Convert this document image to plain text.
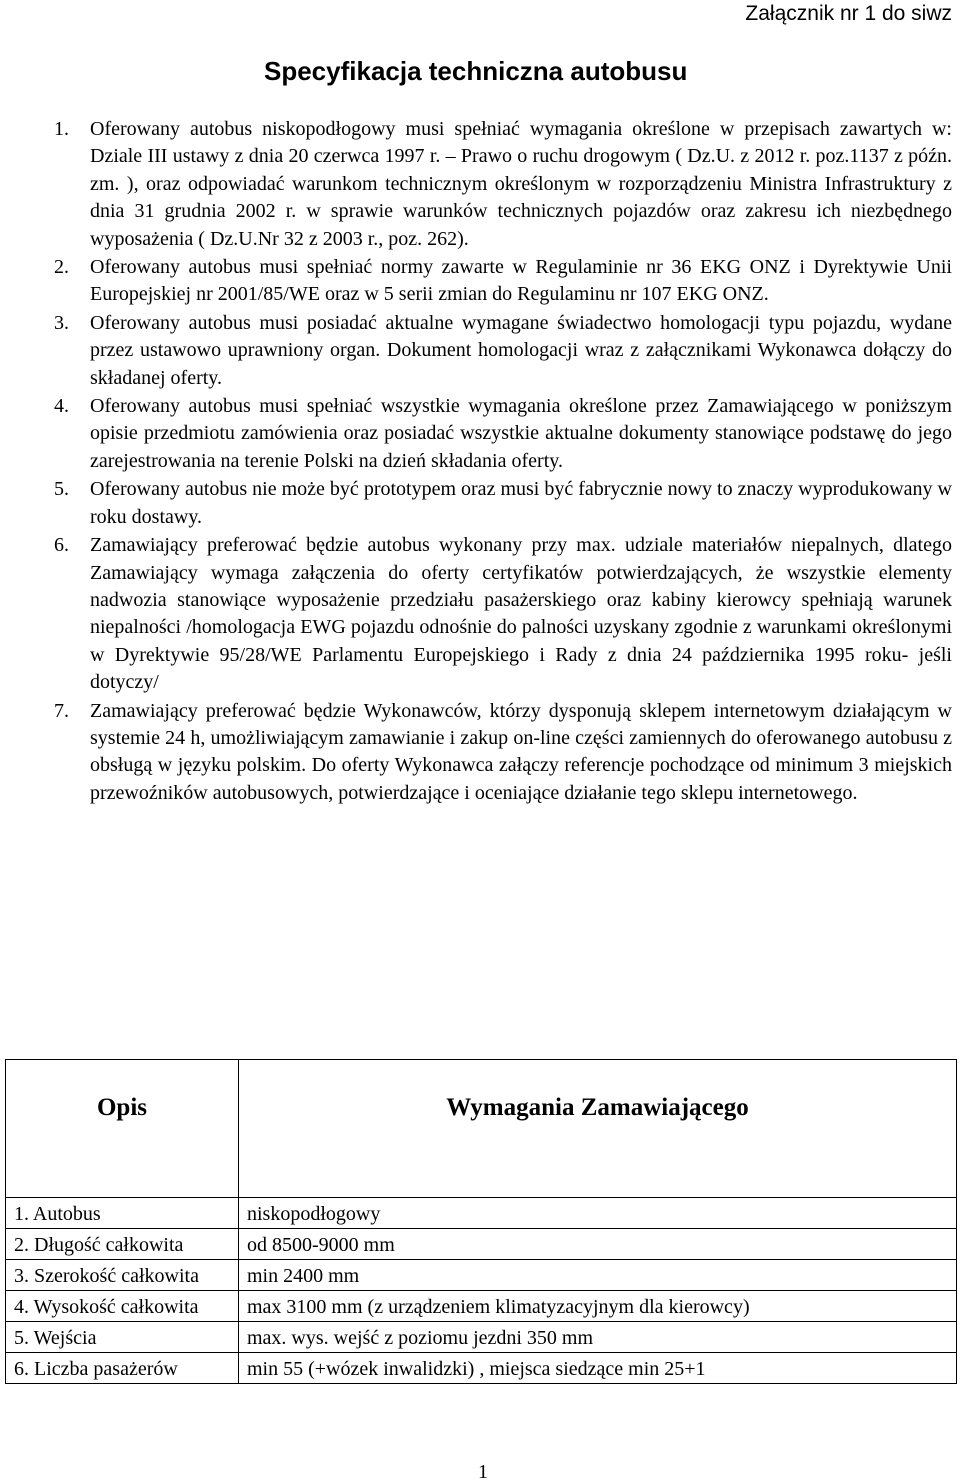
Załącznik nr 1 do siwz
Specyfikacja techniczna autobusu
1. Oferowany autobus niskopodłogowy musi spełniać wymagania określone w przepisach zawartych w: Dziale III ustawy z dnia 20 czerwca 1997 r. – Prawo o ruchu drogowym ( Dz.U. z 2012 r. poz.1137 z późn. zm. ), oraz odpowiadać warunkom technicznym określonym w rozporządzeniu Ministra Infrastruktury z dnia 31 grudnia 2002 r. w sprawie warunków technicznych pojazdów oraz zakresu ich niezbędnego wyposażenia ( Dz.U.Nr 32 z 2003 r., poz. 262).
2. Oferowany autobus musi spełniać normy zawarte w Regulaminie nr 36 EKG ONZ i Dyrektywie Unii Europejskiej nr 2001/85/WE oraz w 5 serii zmian do Regulaminu nr 107 EKG ONZ.
3. Oferowany autobus musi posiadać aktualne wymagane świadectwo homologacji typu pojazdu, wydane przez ustawowo uprawniony organ. Dokument homologacji wraz z załącznikami Wykonawca dołączy do składanej oferty.
4. Oferowany autobus musi spełniać wszystkie wymagania określone przez Zamawiającego w poniższym opisie przedmiotu zamówienia oraz posiadać wszystkie aktualne dokumenty stanowiące podstawę do jego zarejestrowania na terenie Polski na dzień składania oferty.
5. Oferowany autobus nie może być prototypem oraz musi być fabrycznie nowy to znaczy wyprodukowany w roku dostawy.
6. Zamawiający preferować będzie autobus wykonany przy max. udziale materiałów niepalnych, dlatego Zamawiający wymaga załączenia do oferty certyfikatów potwierdzających, że wszystkie elementy nadwozia stanowiące wyposażenie przedziału pasażerskiego oraz kabiny kierowcy spełniają warunek niepalności /homologacja EWG pojazdu odnośnie do palności uzyskany zgodnie z warunkami określonymi w Dyrektywie 95/28/WE Parlamentu Europejskiego i Rady z dnia 24 października 1995 roku- jeśli dotyczy/
7. Zamawiający preferować będzie Wykonawców, którzy dysponują sklepem internetowym działającym w systemie 24 h, umożliwiającym zamawianie i zakup on-line części zamiennych do oferowanego autobusu z obsługą w języku polskim. Do oferty Wykonawca załączy referencje pochodzące od minimum 3 miejskich przewoźników autobusowych, potwierdzające i oceniające działanie tego sklepu internetowego.
Opis	Wymagania Zamawiającego
1. Autobus	niskopodłogowy
2. Długość całkowita	od 8500-9000 mm
3. Szerokość całkowita	min 2400 mm
4. Wysokość całkowita	max 3100 mm (z urządzeniem klimatyzacyjnym dla kierowcy)
5. Wejścia	max. wys. wejść z poziomu jezdni 350 mm
6. Liczba pasażerów	min 55 (+wózek inwalidzki) , miejsca siedzące min 25+1
1
